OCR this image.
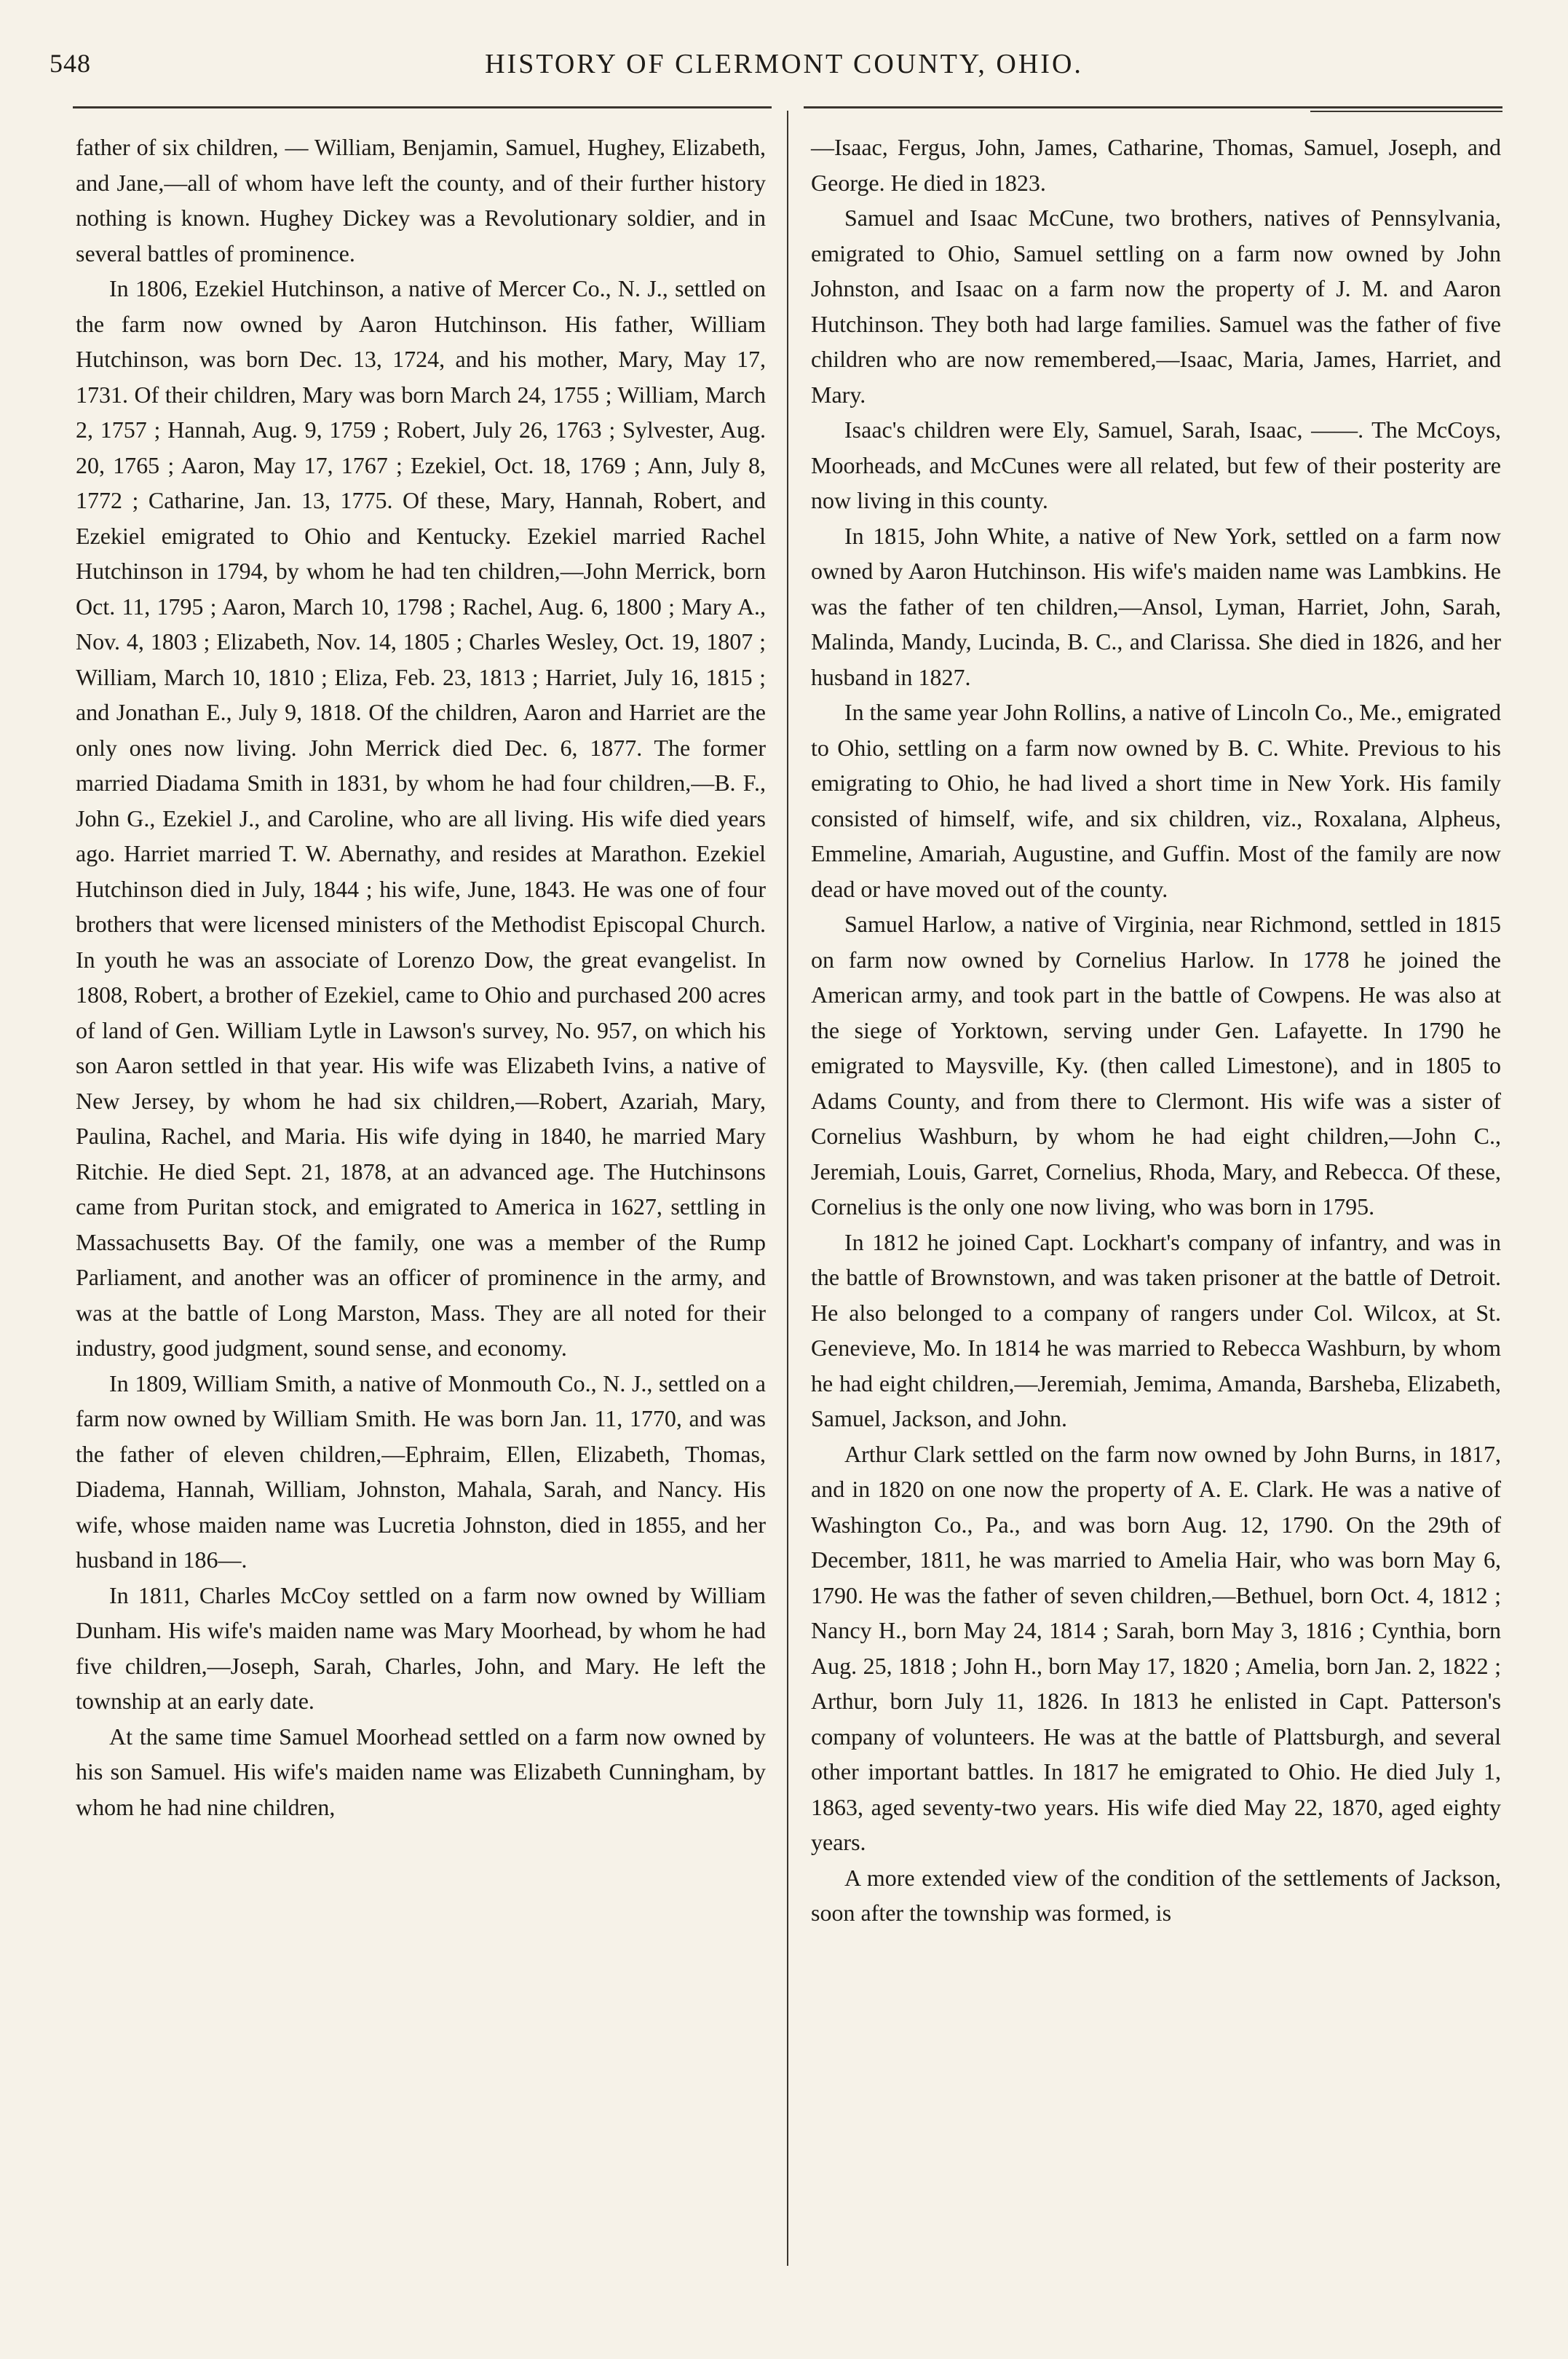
548	HISTORY OF CLERMONT COUNTY, OHIO.

father of six children, — William, Benjamin, Samuel, Hughey, Elizabeth, and Jane,—all of whom have left the county, and of their further history nothing is known. Hughey Dickey was a Revolutionary soldier, and in several battles of prominence.

In 1806, Ezekiel Hutchinson, a native of Mercer Co., N. J., settled on the farm now owned by Aaron Hutchinson. His father, William Hutchinson, was born Dec. 13, 1724, and his mother, Mary, May 17, 1731. Of their children, Mary was born March 24, 1755 ; William, March 2, 1757 ; Hannah, Aug. 9, 1759 ; Robert, July 26, 1763 ; Sylvester, Aug. 20, 1765 ; Aaron, May 17, 1767 ; Ezekiel, Oct. 18, 1769 ; Ann, July 8, 1772 ; Catharine, Jan. 13, 1775. Of these, Mary, Hannah, Robert, and Ezekiel emigrated to Ohio and Kentucky. Ezekiel married Rachel Hutchinson in 1794, by whom he had ten children,—John Merrick, born Oct. 11, 1795 ; Aaron, March 10, 1798 ; Rachel, Aug. 6, 1800 ; Mary A., Nov. 4, 1803 ; Elizabeth, Nov. 14, 1805 ; Charles Wesley, Oct. 19, 1807 ; William, March 10, 1810 ; Eliza, Feb. 23, 1813 ; Harriet, July 16, 1815 ; and Jonathan E., July 9, 1818. Of the children, Aaron and Harriet are the only ones now living. John Merrick died Dec. 6, 1877. The former married Diadama Smith in 1831, by whom he had four children,—B. F., John G., Ezekiel J., and Caroline, who are all living. His wife died years ago. Harriet married T. W. Abernathy, and resides at Marathon. Ezekiel Hutchinson died in July, 1844 ; his wife, June, 1843. He was one of four brothers that were licensed ministers of the Methodist Episcopal Church. In youth he was an associate of Lorenzo Dow, the great evangelist. In 1808, Robert, a brother of Ezekiel, came to Ohio and purchased 200 acres of land of Gen. William Lytle in Lawson's survey, No. 957, on which his son Aaron settled in that year. His wife was Elizabeth Ivins, a native of New Jersey, by whom he had six children,—Robert, Azariah, Mary, Paulina, Rachel, and Maria. His wife dying in 1840, he married Mary Ritchie. He died Sept. 21, 1878, at an advanced age. The Hutchinsons came from Puritan stock, and emigrated to America in 1627, settling in Massachusetts Bay. Of the family, one was a member of the Rump Parliament, and another was an officer of prominence in the army, and was at the battle of Long Marston, Mass. They are all noted for their industry, good judgment, sound sense, and economy.

In 1809, William Smith, a native of Monmouth Co., N. J., settled on a farm now owned by William Smith. He was born Jan. 11, 1770, and was the father of eleven children,—Ephraim, Ellen, Elizabeth, Thomas, Diadema, Hannah, William, Johnston, Mahala, Sarah, and Nancy. His wife, whose maiden name was Lucretia Johnston, died in 1855, and her husband in 186—.

In 1811, Charles McCoy settled on a farm now owned by William Dunham. His wife's maiden name was Mary Moorhead, by whom he had five children,—Joseph, Sarah, Charles, John, and Mary. He left the township at an early date.

At the same time Samuel Moorhead settled on a farm now owned by his son Samuel. His wife's maiden name was Elizabeth Cunningham, by whom he had nine children,

—Isaac, Fergus, John, James, Catharine, Thomas, Samuel, Joseph, and George. He died in 1823.

Samuel and Isaac McCune, two brothers, natives of Pennsylvania, emigrated to Ohio, Samuel settling on a farm now owned by John Johnston, and Isaac on a farm now the property of J. M. and Aaron Hutchinson. They both had large families. Samuel was the father of five children who are now remembered,—Isaac, Maria, James, Harriet, and Mary.

Isaac's children were Ely, Samuel, Sarah, Isaac, ——. The McCoys, Moorheads, and McCunes were all related, but few of their posterity are now living in this county.

In 1815, John White, a native of New York, settled on a farm now owned by Aaron Hutchinson. His wife's maiden name was Lambkins. He was the father of ten children,—Ansol, Lyman, Harriet, John, Sarah, Malinda, Mandy, Lucinda, B. C., and Clarissa. She died in 1826, and her husband in 1827.

In the same year John Rollins, a native of Lincoln Co., Me., emigrated to Ohio, settling on a farm now owned by B. C. White. Previous to his emigrating to Ohio, he had lived a short time in New York. His family consisted of himself, wife, and six children, viz., Roxalana, Alpheus, Emmeline, Amariah, Augustine, and Guffin. Most of the family are now dead or have moved out of the county.

Samuel Harlow, a native of Virginia, near Richmond, settled in 1815 on farm now owned by Cornelius Harlow. In 1778 he joined the American army, and took part in the battle of Cowpens. He was also at the siege of Yorktown, serving under Gen. Lafayette. In 1790 he emigrated to Maysville, Ky. (then called Limestone), and in 1805 to Adams County, and from there to Clermont. His wife was a sister of Cornelius Washburn, by whom he had eight children,—John C., Jeremiah, Louis, Garret, Cornelius, Rhoda, Mary, and Rebecca. Of these, Cornelius is the only one now living, who was born in 1795.

In 1812 he joined Capt. Lockhart's company of infantry, and was in the battle of Brownstown, and was taken prisoner at the battle of Detroit. He also belonged to a company of rangers under Col. Wilcox, at St. Genevieve, Mo. In 1814 he was married to Rebecca Washburn, by whom he had eight children,—Jeremiah, Jemima, Amanda, Barsheba, Elizabeth, Samuel, Jackson, and John.

Arthur Clark settled on the farm now owned by John Burns, in 1817, and in 1820 on one now the property of A. E. Clark. He was a native of Washington Co., Pa., and was born Aug. 12, 1790. On the 29th of December, 1811, he was married to Amelia Hair, who was born May 6, 1790. He was the father of seven children,—Bethuel, born Oct. 4, 1812 ; Nancy H., born May 24, 1814 ; Sarah, born May 3, 1816 ; Cynthia, born Aug. 25, 1818 ; John H., born May 17, 1820 ; Amelia, born Jan. 2, 1822 ; Arthur, born July 11, 1826. In 1813 he enlisted in Capt. Patterson's company of volunteers. He was at the battle of Plattsburgh, and several other important battles. In 1817 he emigrated to Ohio. He died July 1, 1863, aged seventy-two years. His wife died May 22, 1870, aged eighty years.

A more extended view of the condition of the settlements of Jackson, soon after the township was formed, is
